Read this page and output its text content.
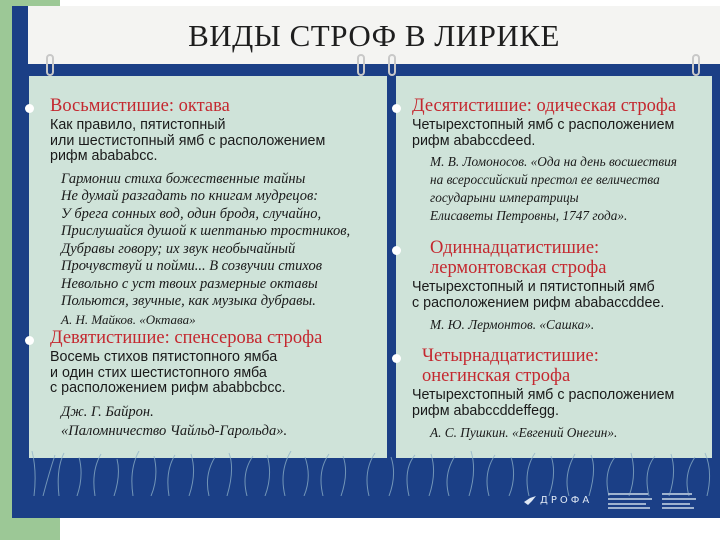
ВИДЫ СТРОФ В ЛИРИКЕ
Восьмистишие: октава
Как правило, пятистопный
или шестистопный ямб с расположением
рифм abababcc.
Гармонии стиха божественные тайны
Не думай разгадать по книгам мудрецов:
У брега сонных вод, один бродя, случайно,
Прислушайся душой к шептанью тростников,
Дубравы говору; их звук необычайный
Прочувствуй и пойми... В созвучии стихов
Невольно с уст твоих размерные октавы
Польются, звучные, как музыка дубравы.
А. Н. Майков. «Октава»
Девятистишие: спенсерова строфа
Восемь стихов пятистопного ямба
и один стих шестистопного ямба
с расположением рифм ababbcbcc.
Дж. Г. Байрон.
«Паломничество Чайльд-Гарольда».
Десятистишие: одическая строфа
Четырехстопный ямб с расположением
рифм ababccdeed.
М. В. Ломоносов. «Ода на день восшествия
на всероссийский престол ее величества
государыни императрицы
Елисаветы Петровны, 1747 года».
Одиннадцатистишие:
лермонтовская строфа
Четырехстопный и пятистопный ямб
с расположением рифм ababaccddee.
М. Ю. Лермонтов. «Сашка».
Четырнадцатистишие:
онегинская строфа
Четырехстопный ямб с расположением
рифм ababccddeffegg.
А. С. Пушкин. «Евгений Онегин».
ДРОФА
